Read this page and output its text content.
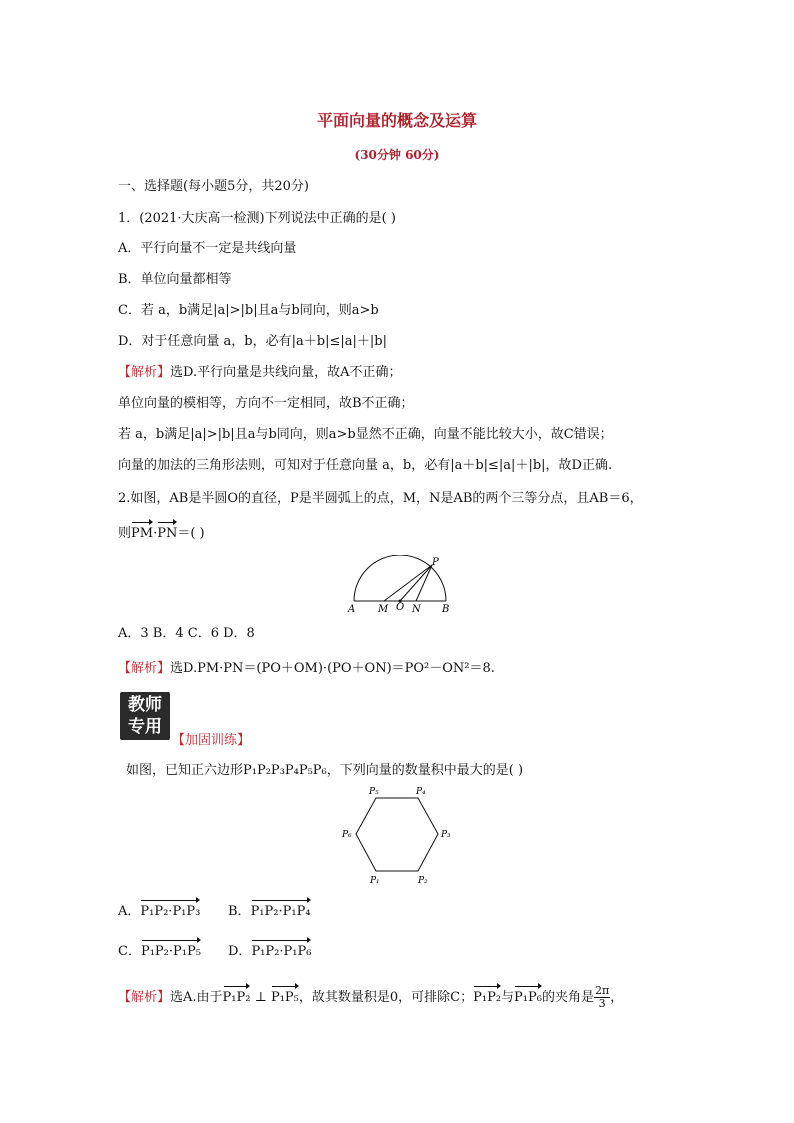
平面向量的概念及运算
(30分钟 60分)
一、选择题(每小题5分，共20分)
1．(2021·大庆高一检测)下列说法中正确的是( )
A．平行向量不一定是共线向量
B．单位向量都相等
C．若 a，b满足|a|>|b|且a与b同向，则a>b
D．对于任意向量 a，b，必有|a＋b|≤|a|＋|b|
【解析】选D.平行向量是共线向量，故A不正确；
单位向量的模相等，方向不一定相同，故B不正确；
若 a，b满足|a|>|b|且a与b同向，则a>b显然不正确，向量不能比较大小，故C错误；
向量的加法的三角形法则，可知对于任意向量 a，b，必有|a＋b|≤|a|＋|b|，故D正确.
2.如图，AB是半圆O的直径，P是半圆弧上的点，M，N是AB的两个三等分点，且AB＝6，
则PM·PN＝( )
A M O N B
P
A．3 B．4 C．6 D．8
【解析】选D.PM·PN＝(PO＋OM)·(PO＋ON)＝PO²－ON²＝8.
教师
专用
【加固训练】
如图，已知正六边形P₁P₂P₃P₄P₅P₆，下列向量的数量积中最大的是( )
P₁	P₂
P₃
P₄
P₅
P₆
A．P₁P₂·P₁P₃ B．P₁P₂·P₁P₄
C．P₁P₂·P₁P₅ D．P₁P₂·P₁P₆
【解析】选A.由于P₁P₂ ⊥ P₁P₅，故其数量积是0，可排除C；P₁P₂与P₁P₆的夹角是 $\frac{2\pi}{3}$ ，
